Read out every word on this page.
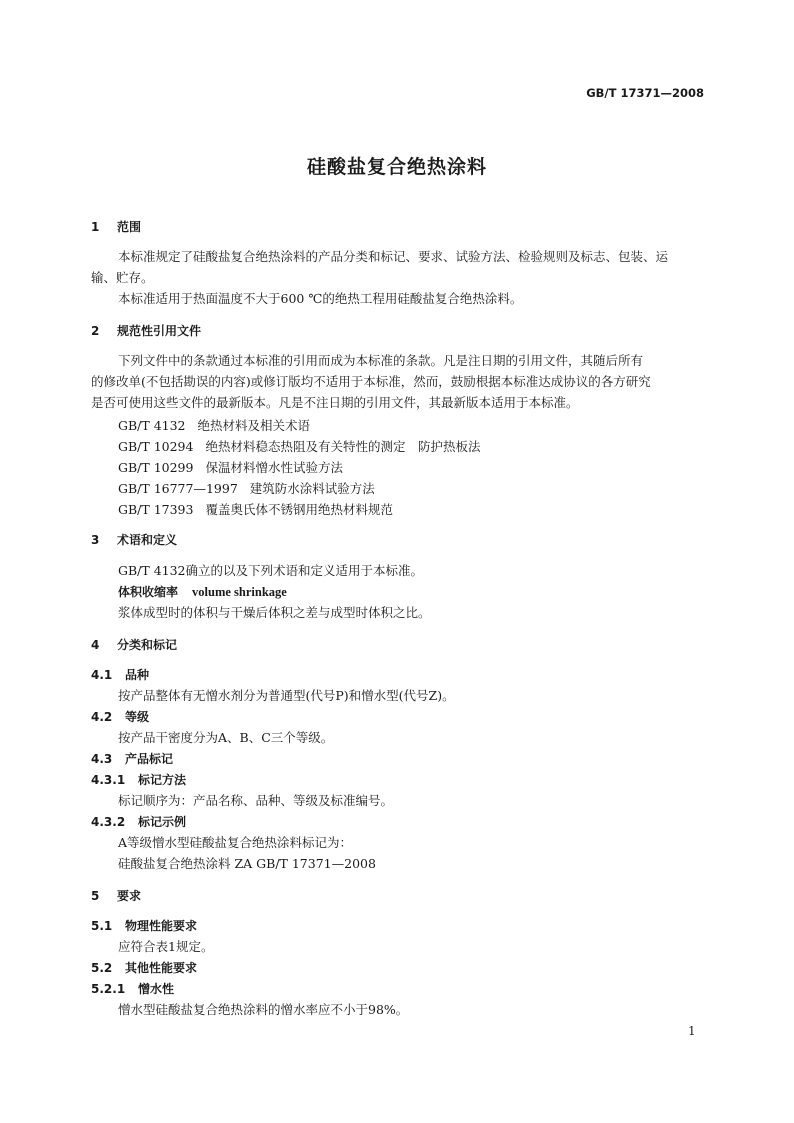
GB/T 17371—2008
硅酸盐复合绝热涂料
1 范围
本标准规定了硅酸盐复合绝热涂料的产品分类和标记、要求、试验方法、检验规则及标志、包装、运
输、贮存。
本标准适用于热面温度不大于600 ℃的绝热工程用硅酸盐复合绝热涂料。
2 规范性引用文件
下列文件中的条款通过本标准的引用而成为本标准的条款。凡是注日期的引用文件，其随后所有
的修改单(不包括勘误的内容)或修订版均不适用于本标准，然而，鼓励根据本标准达成协议的各方研究
是否可使用这些文件的最新版本。凡是不注日期的引用文件，其最新版本适用于本标准。
GB/T 4132 绝热材料及相关术语
GB/T 10294 绝热材料稳态热阻及有关特性的测定　防护热板法
GB/T 10299 保温材料憎水性试验方法
GB/T 16777—1997 建筑防水涂料试验方法
GB/T 17393 覆盖奥氏体不锈钢用绝热材料规范
3 术语和定义
GB/T 4132确立的以及下列术语和定义适用于本标准。
体积收缩率 volume shrinkage
浆体成型时的体积与干燥后体积之差与成型时体积之比。
4 分类和标记
4.1 品种
按产品整体有无憎水剂分为普通型(代号P)和憎水型(代号Z)。
4.2 等级
按产品干密度分为A、B、C三个等级。
4.3 产品标记
4.3.1 标记方法
标记顺序为：产品名称、品种、等级及标准编号。
4.3.2 标记示例
A等级憎水型硅酸盐复合绝热涂料标记为：
硅酸盐复合绝热涂料 ZA GB/T 17371—2008
5 要求
5.1 物理性能要求
应符合表1规定。
5.2 其他性能要求
5.2.1 憎水性
憎水型硅酸盐复合绝热涂料的憎水率应不小于98%。
1
